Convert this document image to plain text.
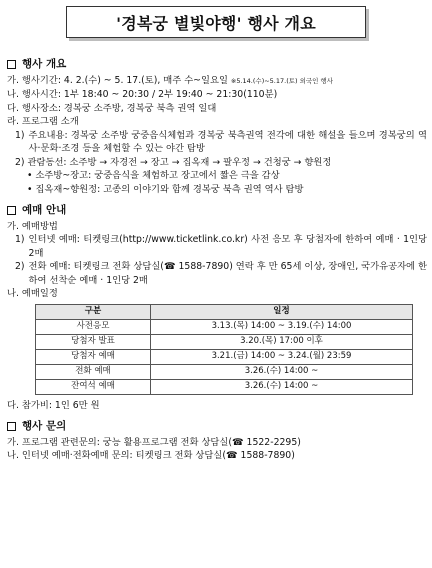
'경복궁 별빛야행' 행사 개요
행사 개요
가. 행사기간: 4. 2.(수) ~ 5. 17.(토), 매주 수~일요일 ※5.14.(수)~5.17.(토) 외국인 행사
나. 행사시간: 1부 18:40 ~ 20:30 / 2부 19:40 ~ 21:30(110분)
다. 행사장소: 경복궁 소주방, 경복궁 북측 권역 일대
라. 프로그램 소개
1) 주요내용: 경복궁 소주방 궁중음식체험과 경복궁 북측권역 전각에 대한 해설을 들으며 경복궁의 역사·문화·조경 등을 체험할 수 있는 야간 탐방
2) 관람동선: 소주방 → 자경전 → 장고 → 집옥재 → 팔우정 → 건청궁 → 향원정
• 소주방~장고: 궁중음식을 체험하고 장고에서 짧은 극을 감상
• 집옥재~향원정: 고종의 이야기와 함께 경복궁 북측 권역 역사 탐방
예매 안내
가. 예매방법
1) 인터넷 예매: 티켓링크(http://www.ticketlink.co.kr) 사전 응모 후 당첨자에 한하여 예매 ‧ 1인당 2매
2) 전화 예매: 티켓링크 전화 상담실(☎ 1588-7890) 연락 후 만 65세 이상, 장애인, 국가유공자에 한하여 선착순 예매 ‧ 1인당 2매
나. 예매일정
구분	일정
사전응모	3.13.(목) 14:00 ~ 3.19.(수) 14:00
당첨자 발표	3.20.(목) 17:00 이후
당첨자 예매	3.21.(금) 14:00 ~ 3.24.(월) 23:59
전화 예매	3.26.(수) 14:00 ~
잔여석 예매	3.26.(수) 14:00 ~
다. 참가비: 1인 6만 원
행사 문의
가. 프로그램 관련문의: 궁능 활용프로그램 전화 상담실(☎ 1522-2295)
나. 인터넷 예매·전화예매 문의: 티켓링크 전화 상담실(☎ 1588-7890)
